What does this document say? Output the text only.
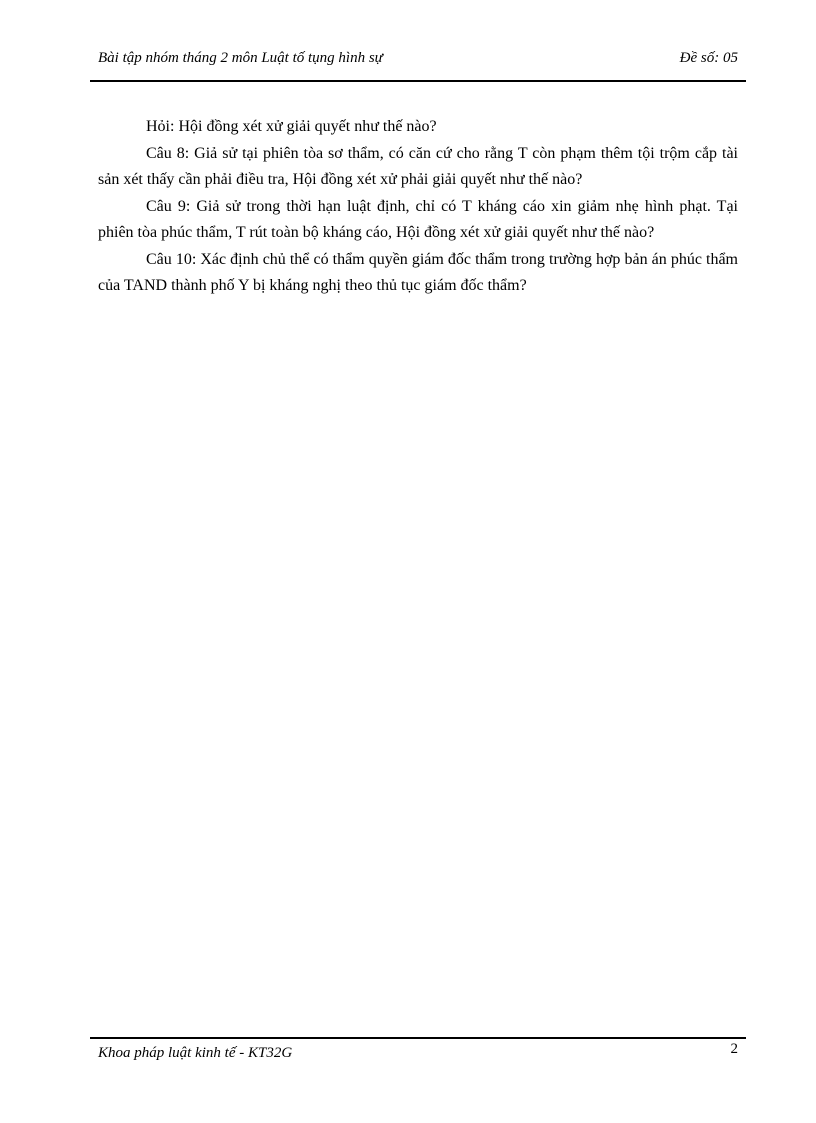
Bài tập nhóm tháng 2 môn Luật tố tụng hình sự	Đề số: 05

Hỏi: Hội đồng xét xử giải quyết như thế nào?

Câu 8: Giả sử tại phiên tòa sơ thẩm, có căn cứ cho rằng T còn phạm thêm tội trộm cắp tài sản xét thấy cần phải điều tra, Hội đồng xét xử phải giải quyết như thế nào?

Câu 9: Giả sử trong thời hạn luật định, chỉ có T kháng cáo xin giảm nhẹ hình phạt. Tại phiên tòa phúc thẩm, T rút toàn bộ kháng cáo, Hội đồng xét xử giải quyết như thế nào?

Câu 10: Xác định chủ thể có thẩm quyền giám đốc thẩm trong trường hợp bản án phúc thẩm của TAND thành phố Y bị kháng nghị theo thủ tục giám đốc thẩm?

Khoa pháp luật kinh tế - KT32G	2
